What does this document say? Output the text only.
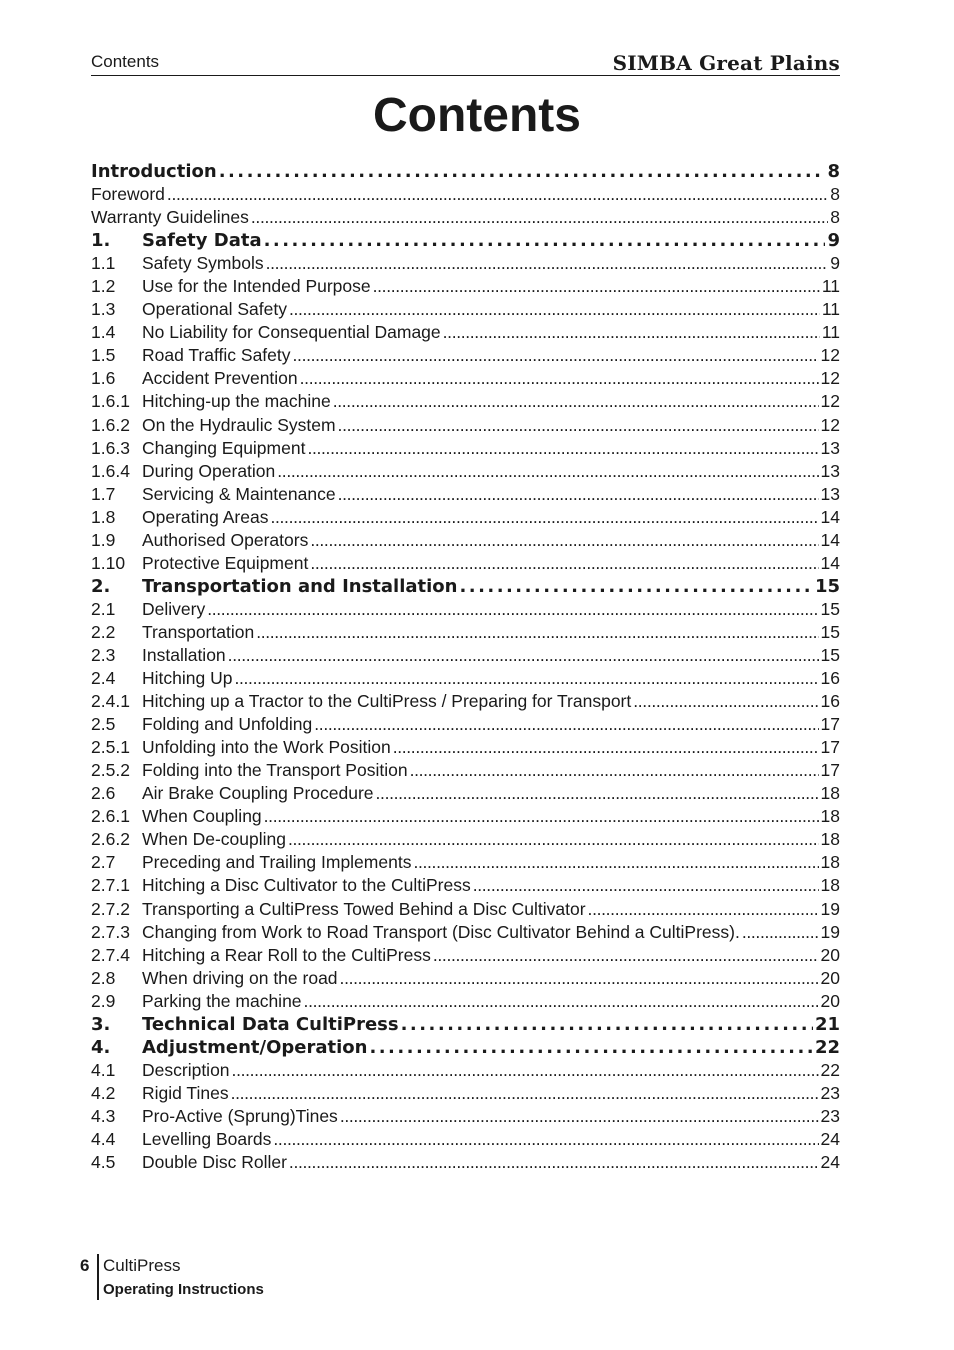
Contents	SIMBA Great Plains
Contents
Introduction . . .	8
Foreword . . .	8
Warranty Guidelines . . .	8
1.	Safety Data . . .	9
1.1	Safety Symbols . . .	9
1.2	Use for the Intended Purpose . . .	11
1.3	Operational Safety . . .	11
1.4	No Liability for Consequential Damage . . .	11
1.5	Road Traffic Safety . . .	12
1.6	Accident Prevention . . .	12
1.6.1 Hitching-up the machine . . .	12
1.6.2 On the Hydraulic System . . .	12
1.6.3 Changing Equipment . . .	13
1.6.4 During Operation . . .	13
1.7	Servicing & Maintenance . . .	13
1.8	Operating Areas . . .	14
1.9	Authorised Operators . . .	14
1.10 Protective Equipment . . .	14
2.	Transportation and Installation . . .	15
2.1	Delivery . . .	15
2.2	Transportation . . .	15
2.3	Installation . . .	15
2.4	Hitching Up . . .	16
2.4.1 Hitching up a Tractor to the CultiPress / Preparing for Transport . . .	16
2.5	Folding and Unfolding . . .	17
2.5.1 Unfolding into the Work Position . . .	17
2.5.2 Folding into the Transport Position . . .	17
2.6	Air Brake Coupling Procedure . . .	18
2.6.1 When Coupling . . .	18
2.6.2 When De-coupling . . .	18
2.7	Preceding and Trailing Implements . . .	18
2.7.1 Hitching a Disc Cultivator to the CultiPress . . .	18
2.7.2 Transporting a CultiPress Towed Behind a Disc Cultivator . . .	19
2.7.3 Changing from Work to Road Transport (Disc Cultivator Behind a CultiPress). . . .	19
2.7.4 Hitching a Rear Roll to the CultiPress . . .	20
2.8	When driving on the road . . .	20
2.9	Parking the machine . . .	20
3.	Technical Data CultiPress . . .	21
4.	Adjustment/Operation . . .	22
4.1	Description . . .	22
4.2	Rigid Tines . . .	23
4.3	Pro-Active (Sprung)Tines . . .	23
4.4	Levelling Boards . . .	24
4.5	Double Disc Roller . . .	24
6 CultiPress
Operating Instructions
